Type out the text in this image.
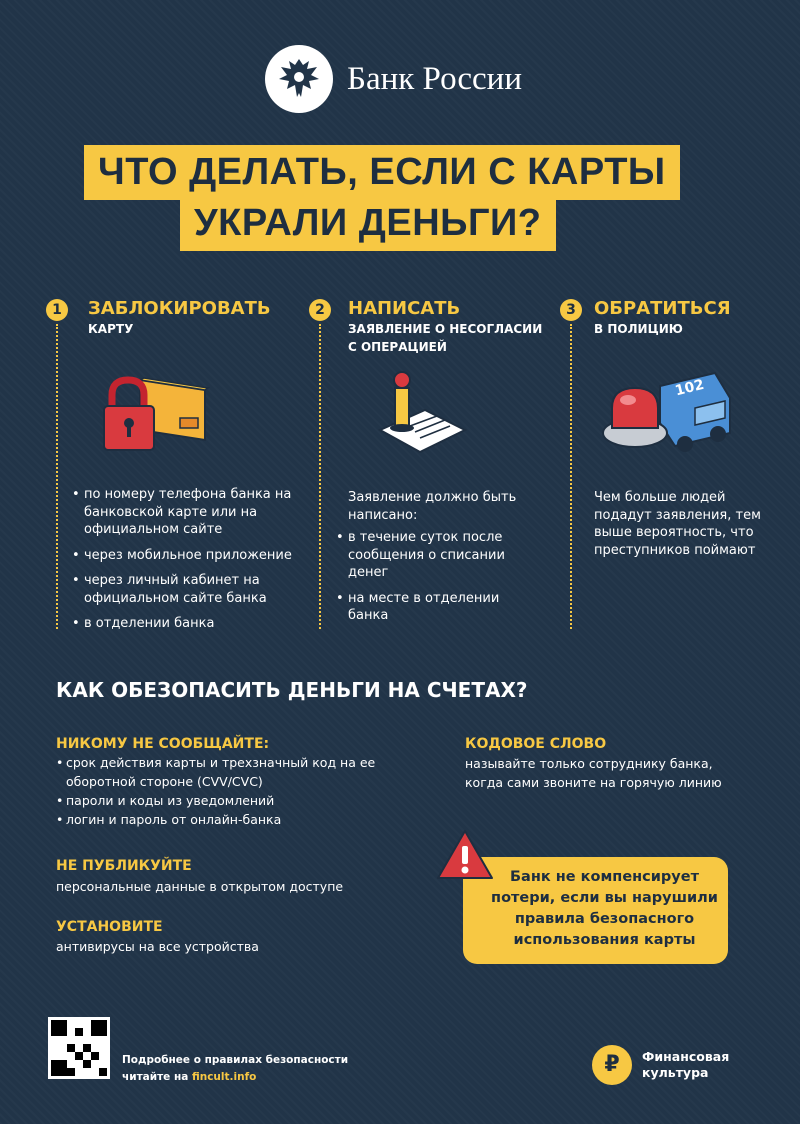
Банк России
ЧТО ДЕЛАТЬ, ЕСЛИ С КАРТЫ
УКРАЛИ ДЕНЬГИ?
1	ЗАБЛОКИРОВАТЬ
КАРТУ
• по номеру телефона банка на банковской карте или на официальном сайте
• через мобильное приложение
• через личный кабинет на официальном сайте банка
• в отделении банка
2	НАПИСАТЬ
ЗАЯВЛЕНИЕ О НЕСОГЛАСИИ С ОПЕРАЦИЕЙ
Заявление должно быть написано:
• в течение суток после сообщения о списании денег
• на месте в отделении банка
3	ОБРАТИТЬСЯ
В ПОЛИЦИЮ
102
Чем больше людей подадут заявления, тем выше вероятность, что преступников поймают
КАК ОБЕЗОПАСИТЬ ДЕНЬГИ НА СЧЕТАХ?
НИКОМУ НЕ СООБЩАЙТЕ:
• срок действия карты и трехзначный код на ее оборотной стороне (CVV/CVC)
• пароли и коды из уведомлений
• логин и пароль от онлайн-банка
НЕ ПУБЛИКУЙТЕ
персональные данные в открытом доступе
УСТАНОВИТЕ
антивирусы на все устройства
КОДОВОЕ СЛОВО
называйте только сотруднику банка, когда сами звоните на горячую линию
Банк не компенсирует потери, если вы нарушили правила безопасного использования карты
Подробнее о правилах безопасности
читайте на fincult.info	₽	Финансовая культура
